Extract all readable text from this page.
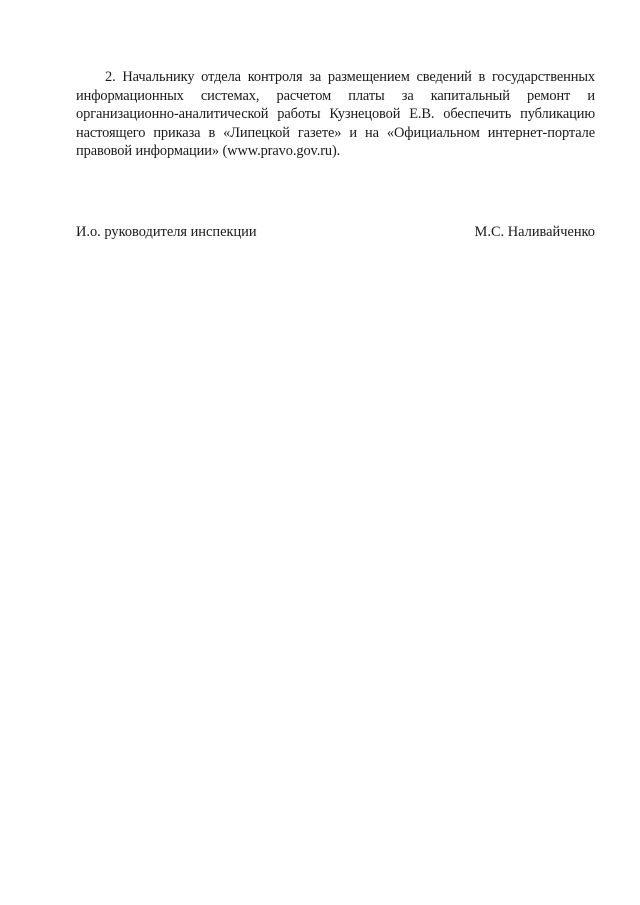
2. Начальнику отдела контроля за размещением сведений в государственных информационных системах, расчетом платы за капитальный ремонт и организационно-аналитической работы Кузнецовой Е.В. обеспечить публикацию настоящего приказа в «Липецкой газете» и на «Официальном интернет-портале правовой информации» (www.pravo.gov.ru).

И.о. руководителя инспекции	М.С. Наливайченко
